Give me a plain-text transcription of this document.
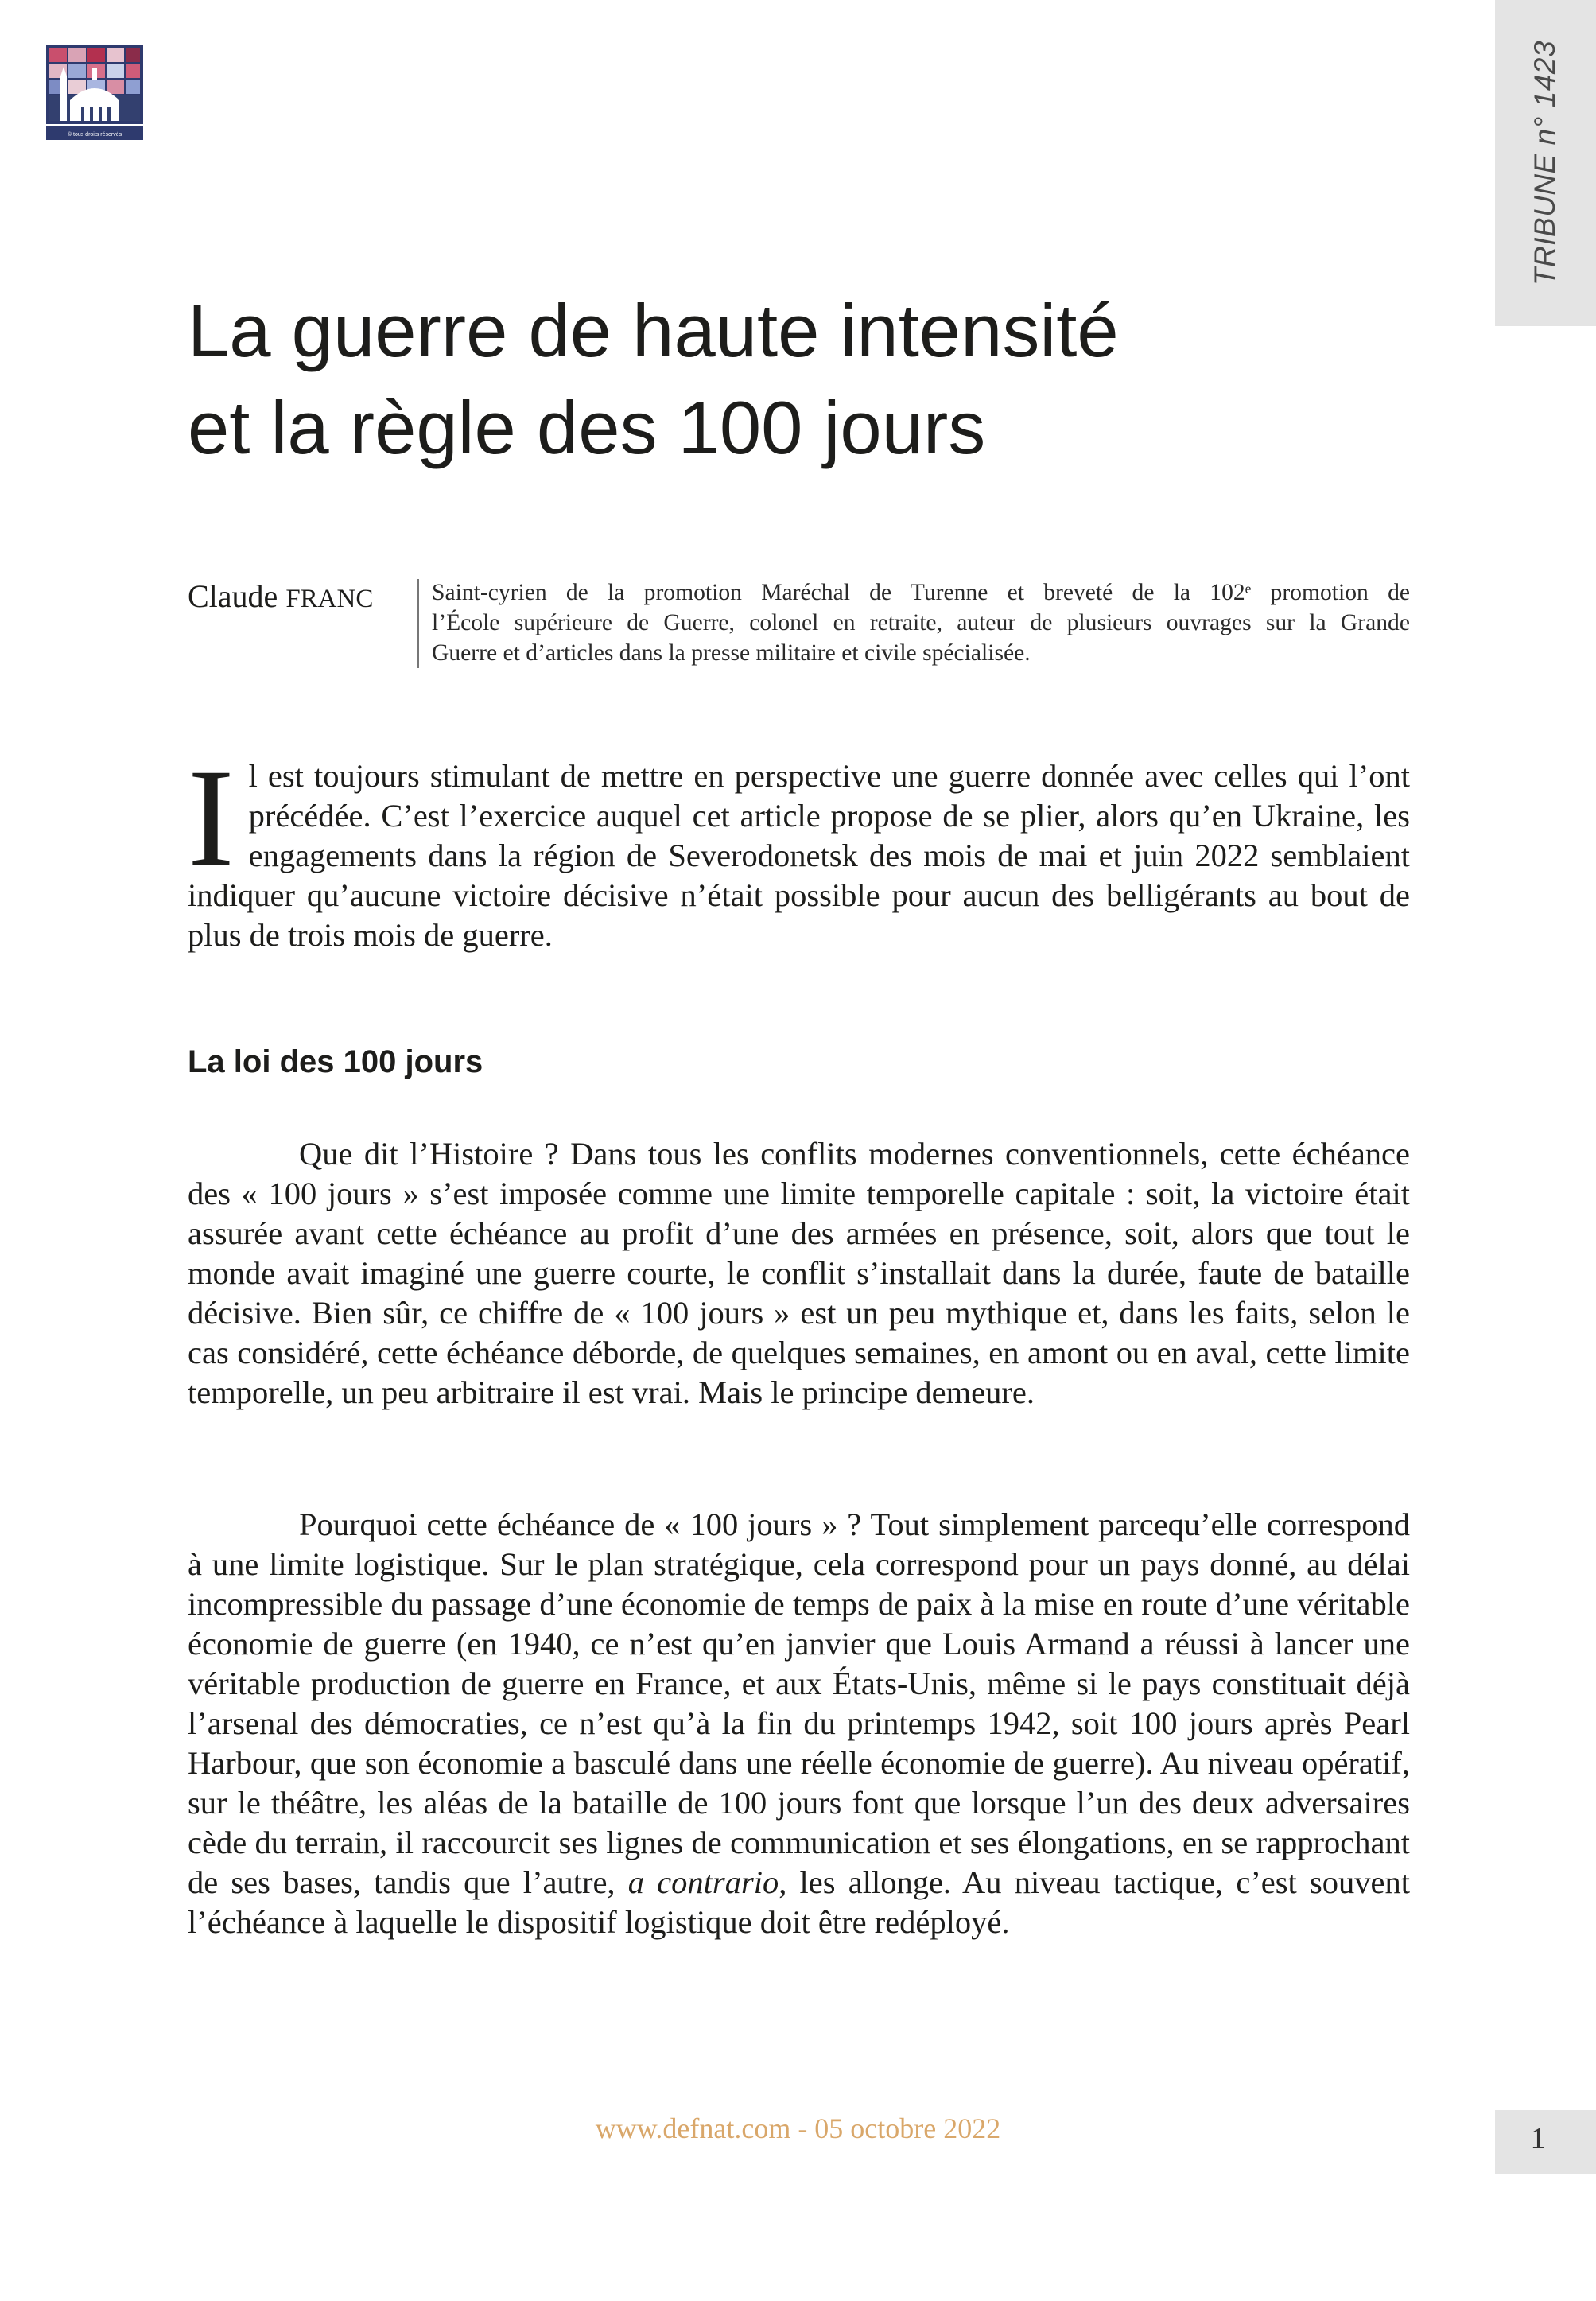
© tous droits réservés	TRIBUNE n° 1423
La guerre de haute intensité
et la règle des 100 jours
Claude FRANC Saint-cyrien de la promotion Maréchal de Turenne et breveté de la 102ᵉ promotion de
l’École supérieure de Guerre, colonel en retraite, auteur de plusieurs ouvrages sur la Grande
Guerre et d’articles dans la presse militaire et civile spécialisée.

Il est toujours stimulant de mettre en perspective une guerre donnée avec celles qui l’ont précédée. C’est l’exercice auquel cet article propose de se plier, alors qu’en Ukraine, les engagements dans la région de Severodonetsk des mois de mai et juin 2022 semblaient indiquer qu’aucune victoire décisive n’était possible pour aucun des belligérants au bout de plus de trois mois de guerre.

La loi des 100 jours

Que dit l’Histoire ? Dans tous les conflits modernes conventionnels, cette échéance des « 100 jours » s’est imposée comme une limite temporelle capitale : soit, la victoire était assurée avant cette échéance au profit d’une des armées en présence, soit, alors que tout le monde avait imaginé une guerre courte, le conflit s’installait dans la durée, faute de bataille décisive. Bien sûr, ce chiffre de « 100 jours » est un peu mythique et, dans les faits, selon le cas considéré, cette échéance déborde, de quelques semaines, en amont ou en aval, cette limite temporelle, un peu arbitraire il est vrai. Mais le principe demeure.

Pourquoi cette échéance de « 100 jours » ? Tout simplement parcequ’elle correspond à une limite logistique. Sur le plan stratégique, cela correspond pour un pays donné, au délai incompressible du passage d’une économie de temps de paix à la mise en route d’une véritable économie de guerre (en 1940, ce n’est qu’en janvier que Louis Armand a réussi à lancer une véritable production de guerre en France, et aux États-Unis, même si le pays constituait déjà l’arsenal des démocraties, ce n’est qu’à la fin du printemps 1942, soit 100 jours après Pearl Harbour, que son économie a basculé dans une réelle économie de guerre). Au niveau opératif, sur le théâtre, les aléas de la bataille de 100 jours font que lorsque l’un des deux adversaires cède du terrain, il raccourcit ses lignes de communication et ses élongations, en se rapprochant de ses bases, tandis que l’autre, a contrario, les allonge. Au niveau tactique, c’est souvent l’échéance à laquelle le dispositif logistique doit être redéployé.

www.defnat.com - 05 octobre 2022	1
